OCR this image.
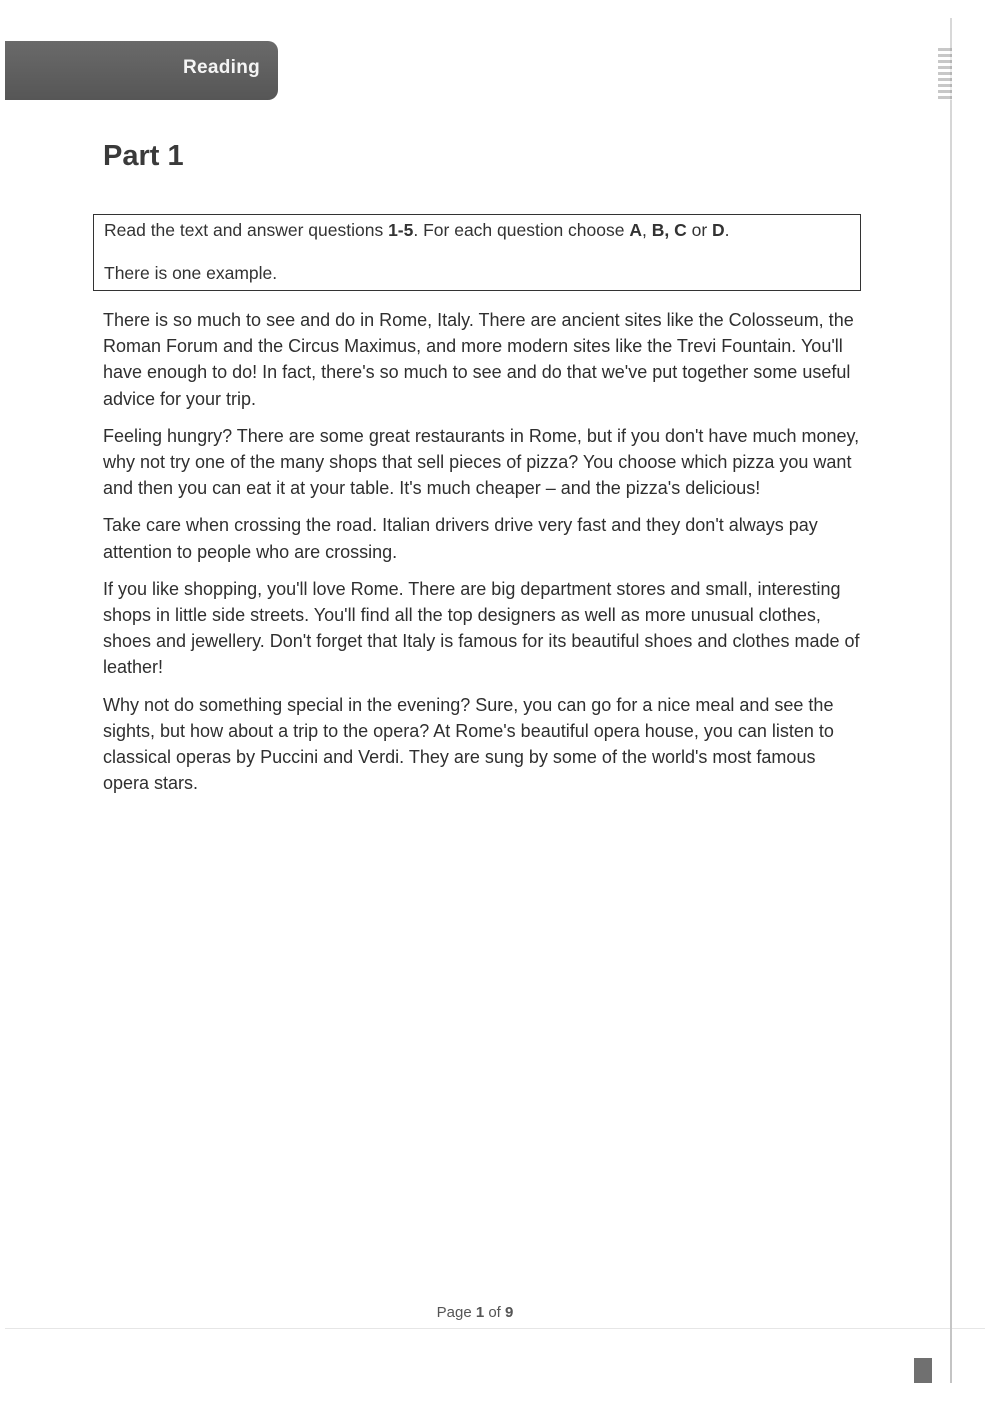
Reading
Part 1

Read the text and answer questions 1-5. For each question choose A, B, C or D.

There is one example.

There is so much to see and do in Rome, Italy. There are ancient sites like the Colosseum, the Roman Forum and the Circus Maximus, and more modern sites like the Trevi Fountain. You'll have enough to do! In fact, there's so much to see and do that we've put together some useful advice for your trip.

Feeling hungry? There are some great restaurants in Rome, but if you don't have much money, why not try one of the many shops that sell pieces of pizza? You choose which pizza you want and then you can eat it at your table. It's much cheaper – and the pizza's delicious!

Take care when crossing the road. Italian drivers drive very fast and they don't always pay attention to people who are crossing.

If you like shopping, you'll love Rome. There are big department stores and small, interesting shops in little side streets. You'll find all the top designers as well as more unusual clothes, shoes and jewellery. Don't forget that Italy is famous for its beautiful shoes and clothes made of leather!

Why not do something special in the evening? Sure, you can go for a nice meal and see the sights, but how about a trip to the opera? At Rome's beautiful opera house, you can listen to classical operas by Puccini and Verdi. They are sung by some of the world's most famous opera stars.

Page 1 of 9
